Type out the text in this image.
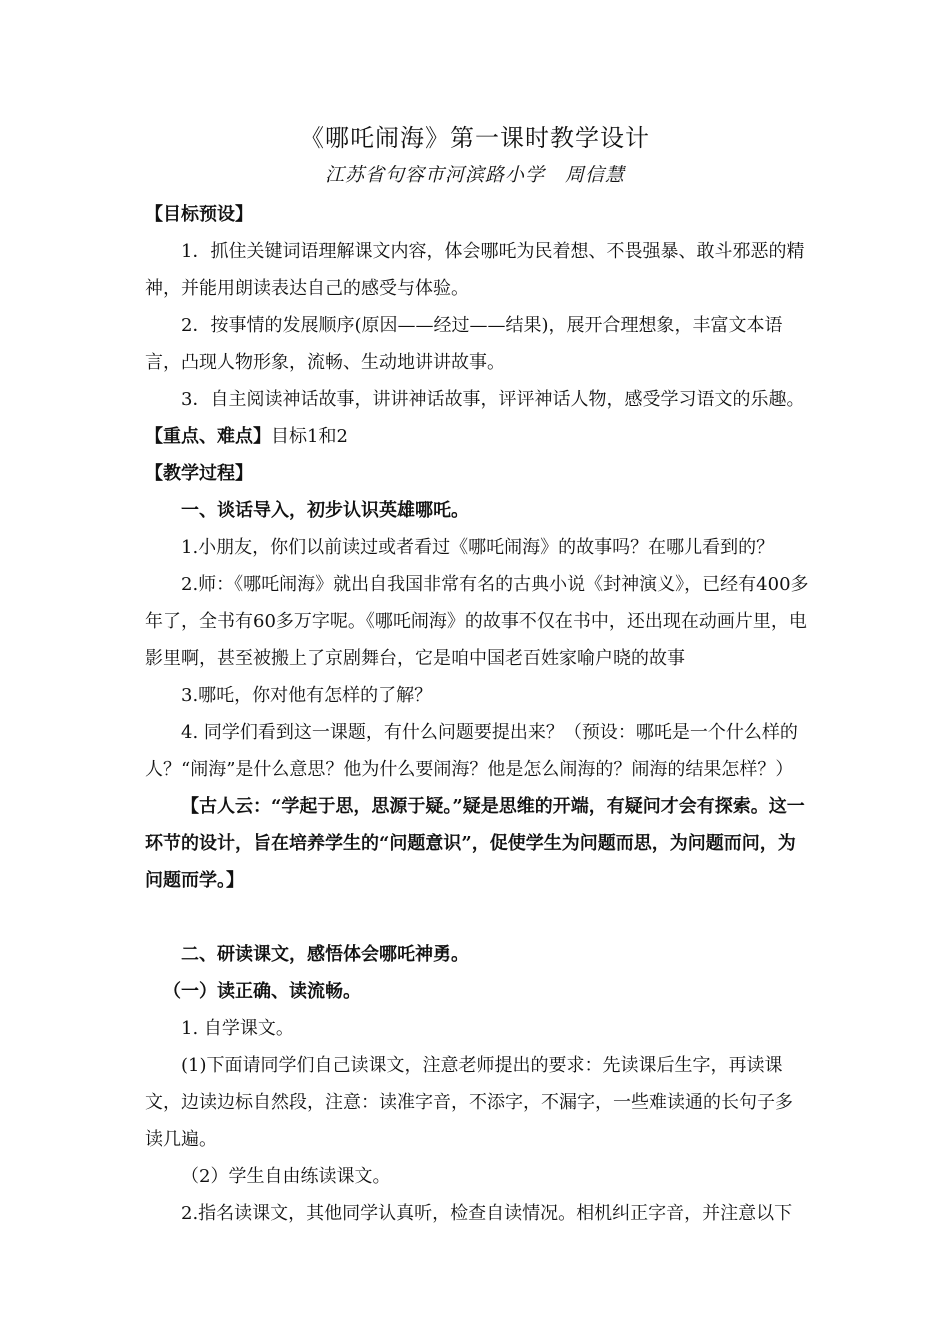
《哪吒闹海》第一课时教学设计
江苏省句容市河滨路小学　周信慧

【目标预设】

1．抓住关键词语理解课文内容，体会哪吒为民着想、不畏强暴、敢斗邪恶的精神，并能用朗读表达自己的感受与体验。

2．按事情的发展顺序(原因——经过——结果)，展开合理想象，丰富文本语言，凸现人物形象，流畅、生动地讲讲故事。

3．自主阅读神话故事，讲讲神话故事，评评神话人物，感受学习语文的乐趣。

【重点、难点】目标1和2

【教学过程】

一、谈话导入，初步认识英雄哪吒。

1.小朋友，你们以前读过或者看过《哪吒闹海》的故事吗？在哪儿看到的？

2.师：《哪吒闹海》就出自我国非常有名的古典小说《封神演义》，已经有400多年了，全书有60多万字呢。《哪吒闹海》的故事不仅在书中，还出现在动画片里，电影里啊，甚至被搬上了京剧舞台，它是咱中国老百姓家喻户晓的故事

3.哪吒，你对他有怎样的了解？

4. 同学们看到这一课题，有什么问题要提出来？（预设：哪吒是一个什么样的人？“闹海”是什么意思？他为什么要闹海？他是怎么闹海的？闹海的结果怎样？）

【古人云：“学起于思，思源于疑。”疑是思维的开端，有疑问才会有探索。这一环节的设计，旨在培养学生的“问题意识”，促使学生为问题而思，为问题而问，为问题而学。】

二、研读课文，感悟体会哪吒神勇。

（一）读正确、读流畅。

1. 自学课文。

(1)下面请同学们自己读课文，注意老师提出的要求：先读课后生字，再读课文，边读边标自然段，注意：读准字音，不添字，不漏字，一些难读通的长句子多读几遍。

（2）学生自由练读课文。

2.指名读课文，其他同学认真听，检查自读情况。相机纠正字音，并注意以下
